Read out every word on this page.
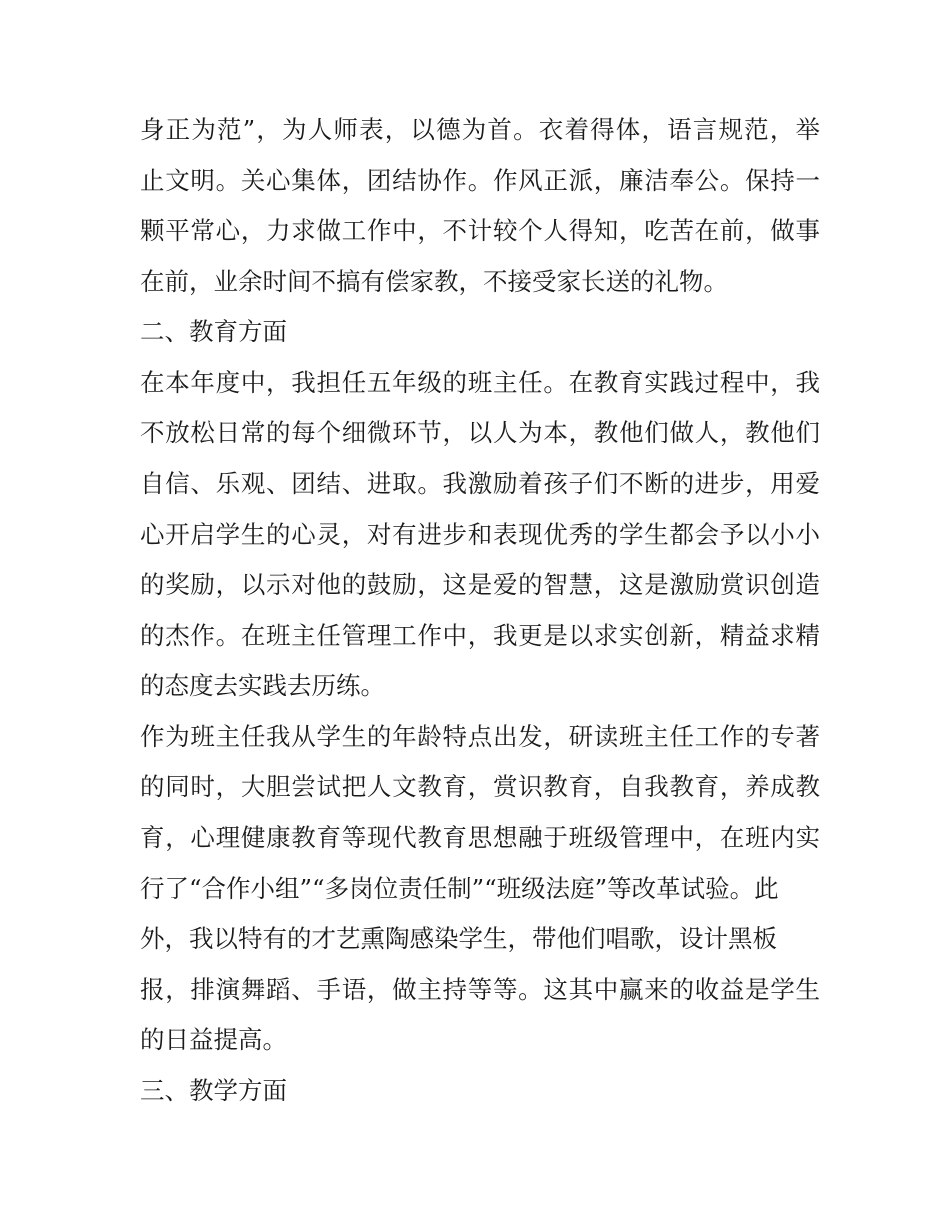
身正为范”，为人师表，以德为首。衣着得体，语言规范，举
止文明。关心集体，团结协作。作风正派，廉洁奉公。保持一
颗平常心，力求做工作中，不计较个人得知，吃苦在前，做事
在前，业余时间不搞有偿家教，不接受家长送的礼物。
二、教育方面
在本年度中，我担任五年级的班主任。在教育实践过程中，我
不放松日常的每个细微环节，以人为本，教他们做人，教他们
自信、乐观、团结、进取。我激励着孩子们不断的进步，用爱
心开启学生的心灵，对有进步和表现优秀的学生都会予以小小
的奖励，以示对他的鼓励，这是爱的智慧，这是激励赏识创造
的杰作。在班主任管理工作中，我更是以求实创新，精益求精
的态度去实践去历练。
作为班主任我从学生的年龄特点出发，研读班主任工作的专著
的同时，大胆尝试把人文教育，赏识教育，自我教育，养成教
育，心理健康教育等现代教育思想融于班级管理中，在班内实
行了“合作小组”“多岗位责任制”“班级法庭”等改革试验。此
外，我以特有的才艺熏陶感染学生，带他们唱歌，设计黑板
报，排演舞蹈、手语，做主持等等。这其中赢来的收益是学生
的日益提高。
三、教学方面
